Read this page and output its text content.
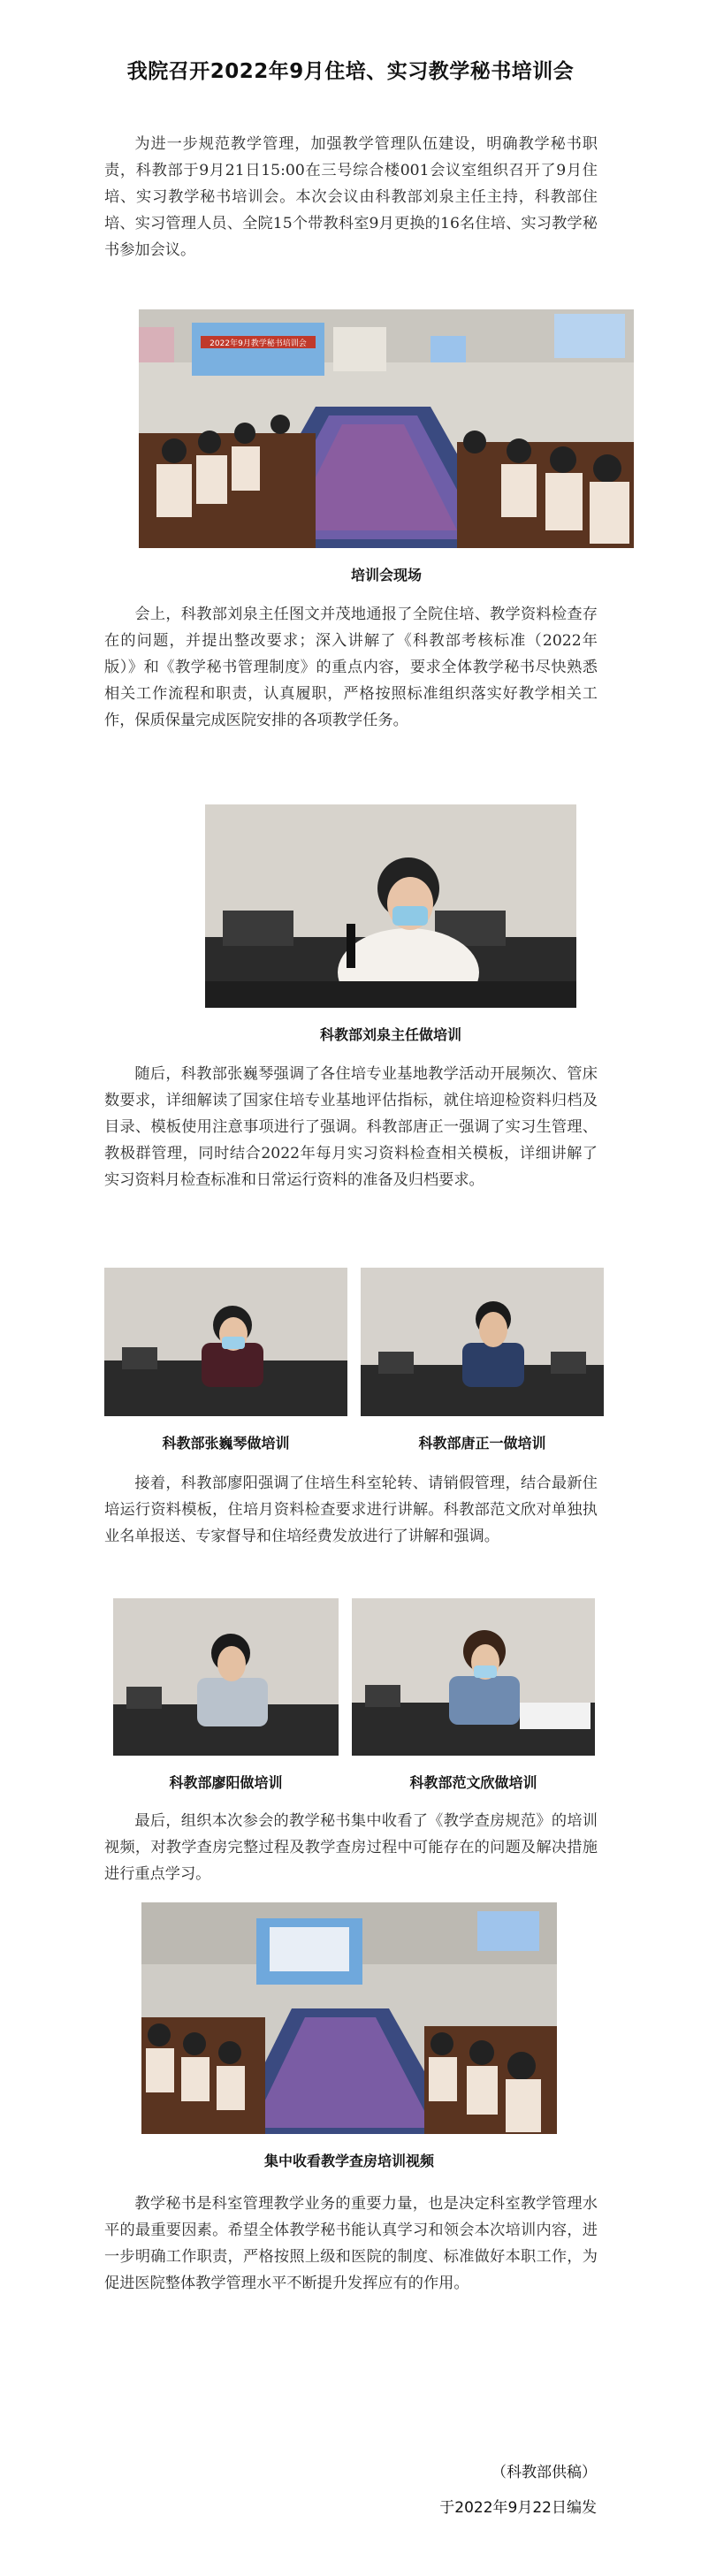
我院召开2022年9月住培、实习教学秘书培训会

为进一步规范教学管理，加强教学管理队伍建设，明确教学秘书职责，科教部于9月21日15:00在三号综合楼001会议室组织召开了9月住培、实习教学秘书培训会。本次会议由科教部刘泉主任主持，科教部住培、实习管理人员、全院15个带教科室9月更换的16名住培、实习教学秘书参加会议。

2022年9月教学秘书培训会

培训会现场

会上，科教部刘泉主任图文并茂地通报了全院住培、教学资料检查存在的问题，并提出整改要求；深入讲解了《科教部考核标准（2022年版）》和《教学秘书管理制度》的重点内容，要求全体教学秘书尽快熟悉相关工作流程和职责，认真履职，严格按照标准组织落实好教学相关工作，保质保量完成医院安排的各项教学任务。

科教部刘泉主任做培训

随后，科教部张巍琴强调了各住培专业基地教学活动开展频次、管床数要求，详细解读了国家住培专业基地评估指标，就住培迎检资料归档及目录、模板使用注意事项进行了强调。科教部唐正一强调了实习生管理、教极群管理，同时结合2022年每月实习资料检查相关模板，详细讲解了实习资料月检查标准和日常运行资料的准备及归档要求。

科教部张巍琴做培训	科教部唐正一做培训

接着，科教部廖阳强调了住培生科室轮转、请销假管理，结合最新住培运行资料模板，住培月资料检查要求进行讲解。科教部范文欣对单独执业名单报送、专家督导和住培经费发放进行了讲解和强调。

科教部廖阳做培训	科教部范文欣做培训

最后，组织本次参会的教学秘书集中收看了《教学查房规范》的培训视频，对教学查房完整过程及教学查房过程中可能存在的问题及解决措施进行重点学习。

集中收看教学查房培训视频

教学秘书是科室管理教学业务的重要力量，也是决定科室教学管理水平的最重要因素。希望全体教学秘书能认真学习和领会本次培训内容，进一步明确工作职责，严格按照上级和医院的制度、标准做好本职工作，为促进医院整体教学管理水平不断提升发挥应有的作用。

（科教部供稿）

于2022年9月22日编发
